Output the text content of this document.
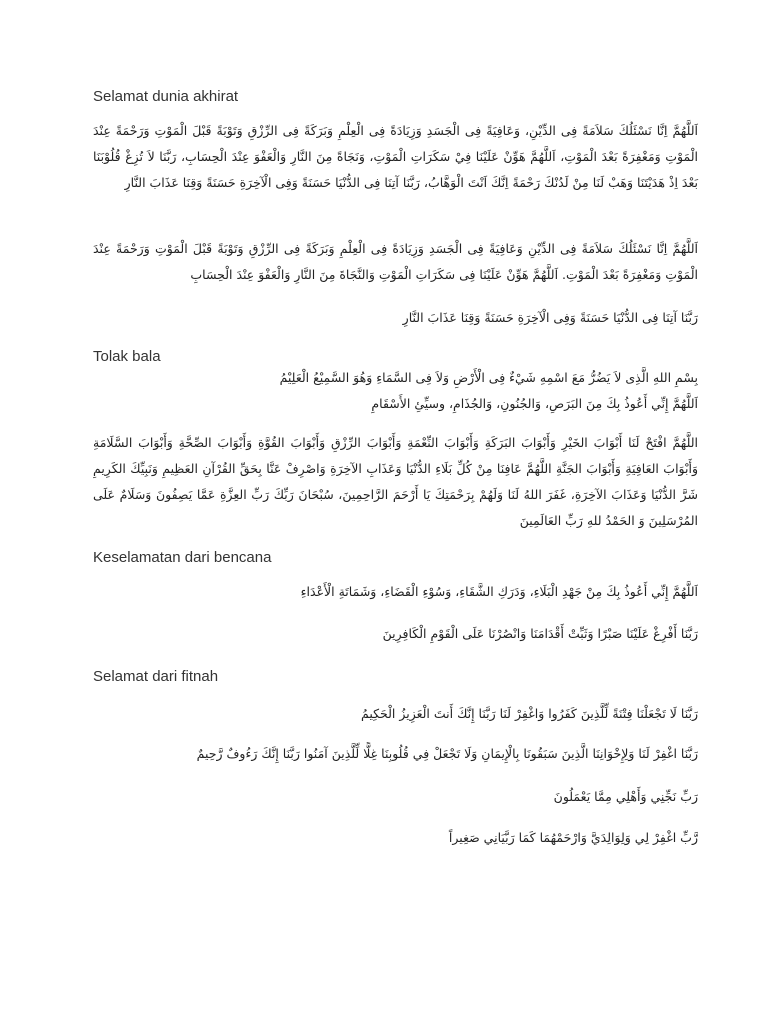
Selamat dunia akhirat

اَللَّهُمَّ اِنَّا نَسْئَلُكَ سَلاَمَةً فِى الدِّيْنِ، وَعَافِيَةً فِى الْجَسَدِ وَزِيَادَةً فِى الْعِلْمِ وَبَرَكَةً فِى الرِّزْقِ وَتَوْبَةً قَبْلَ الْمَوْتِ وَرَحْمَةً عِنْدَ الْمَوْتِ وَمَغْفِرَةً بَعْدَ الْمَوْتِ، اَللَّهُمَّ هَوِّنْ عَلَيْنَا فِيْ سَكَرَاتِ الْمَوْتِ، وَنَجَاةً مِنَ النَّارِ وَالْعَفْوَ عِنْدَ الْحِسَابِ، رَبَّنَا لاَ تُزِغْ قُلُوْبَنَا بَعْدَ اِذْ هَدَيْتَنَا وَهَبْ لَنَا مِنْ لَدُنْكَ رَحْمَةً اِنَّكَ اَنْتَ الْوَهَّابُ، رَبَّنَا آتِنَا فِى الدُّنْيَا حَسَنَةً وَفِى الْآخِرَةِ حَسَنَةً وَقِنَا عَذَابَ النَّارِ

اَللَّهُمَّ اِنَّا نَسْئَلُكَ سَلاَمَةً فِى الدِّيْنِ وَعَافِيَةً فِى الْجَسَدِ وَزِيَادَةً فِى الْعِلْمِ وَبَرَكَةً فِى الرِّزْقِ وَتَوْبَةً قَبْلَ الْمَوْتِ وَرَحْمَةً عِنْدَ الْمَوْتِ وَمَغْفِرَةً بَعْدَ الْمَوْتِ. اَللَّهُمَّ هَوِّنْ عَلَيْنَا فِى سَكَرَاتِ الْمَوْتِ وَالنَّجَاةَ مِنَ النَّارِ وَالْعَفْوَ عِنْدَ الْحِسَابِ

رَبَّنَا آتِنَا فِى الدُّنْيَا حَسَنَةً وَفِى الْآخِرَةِ حَسَنَةً وَقِنَا عَذَابَ النَّارِ

Tolak bala

بِسْمِ اللهِ الَّذِى لاَ يَضُرُّ مَعَ اسْمِهِ شَيْءٌ فِى الْأَرْضِ وَلاَ فِى السَّمَاءِ وَهُوَ السَّمِيْعُ الْعَلِيْمُ

اَللَّهُمَّ إِنِّي أَعُوذُ بِكَ مِنَ البَرَصِ، وَالجُنُونِ، وَالجُذَامِ، وسيِّئِ الأَسْقَامِ

اللَّهُمَّ افْتَحْ لَنَا أَبْوَابَ الخَيْرِ وَأَبْوَابَ البَرَكَةِ وَأَبْوَابَ النِّعْمَةِ وَأَبْوَابَ الرِّزْقِ وَأَبْوَابَ القُوَّةِ وَأَبْوَابَ الصِّحَّةِ وَأَبْوَابَ السَّلَامَةِ وَأَبْوَابَ العَافِيَةِ وَأَبْوَابَ الجَنَّةِ اللَّهُمَّ عَافِنَا مِنْ كُلِّ بَلَاءِ الدُّنْيَا وَعَذَابِ الآخِرَةِ وَاصْرِفْ عَنَّا بِحَقِّ القُرْآنِ العَظِيمِ وَنَبِيِّكَ الكَرِيمِ شَرَّ الدُّنْيَا وَعَذَابَ الآخِرَةِ، غَفَرَ اللهُ لَنَا وَلَهُمْ بِرَحْمَتِكَ يَا أَرْحَمَ الرَّاحِمِينَ، سُبْحَانَ رَبِّكَ رَبِّ العِزَّةِ عَمَّا يَصِفُونَ وَسَلَامٌ عَلَى المُرْسَلِينَ وَ الحَمْدُ للهِ رَبِّ العَالَمِينَ

Keselamatan dari bencana

اَللَّهُمَّ إِنِّي أَعُوذُ بِكَ مِنْ جَهْدِ الْبَلَاءِ، وَدَرَكِ الشَّقَاءِ، وَسُوْءِ الْقَضَاءِ، وَشَمَاتَةِ الْأَعْدَاءِ

رَبَّنَا أَفْرِغْ عَلَيْنَا صَبْرًا وَثَبِّتْ أَقْدَامَنَا وَانْصُرْنَا عَلَى الْقَوْمِ الْكَافِرِينَ

Selamat dari fitnah

رَبَّنَا لَا تَجْعَلْنَا فِتْنَةً لِّلَّذِينَ كَفَرُوا وَاغْفِرْ لَنَا رَبَّنَا إِنَّكَ أَنتَ الْعَزِيزُ الْحَكِيمُ

رَبَّنَا اغْفِرْ لَنَا وَلِإِخْوَانِنَا الَّذِينَ سَبَقُونَا بِالْإِيمَانِ وَلَا تَجْعَلْ فِي قُلُوبِنَا غِلًّا لِّلَّذِينَ آمَنُوا رَبَّنَا إِنَّكَ رَءُوفٌ رَّحِيمٌ

رَبِّ نَجِّنِي وَأَهْلِي مِمَّا يَعْمَلُونَ

رَّبِّ اغْفِرْ لِي وَلِوَالِدَيَّ وَارْحَمْهُمَا كَمَا رَبَّيَانِي صَغِيراً
